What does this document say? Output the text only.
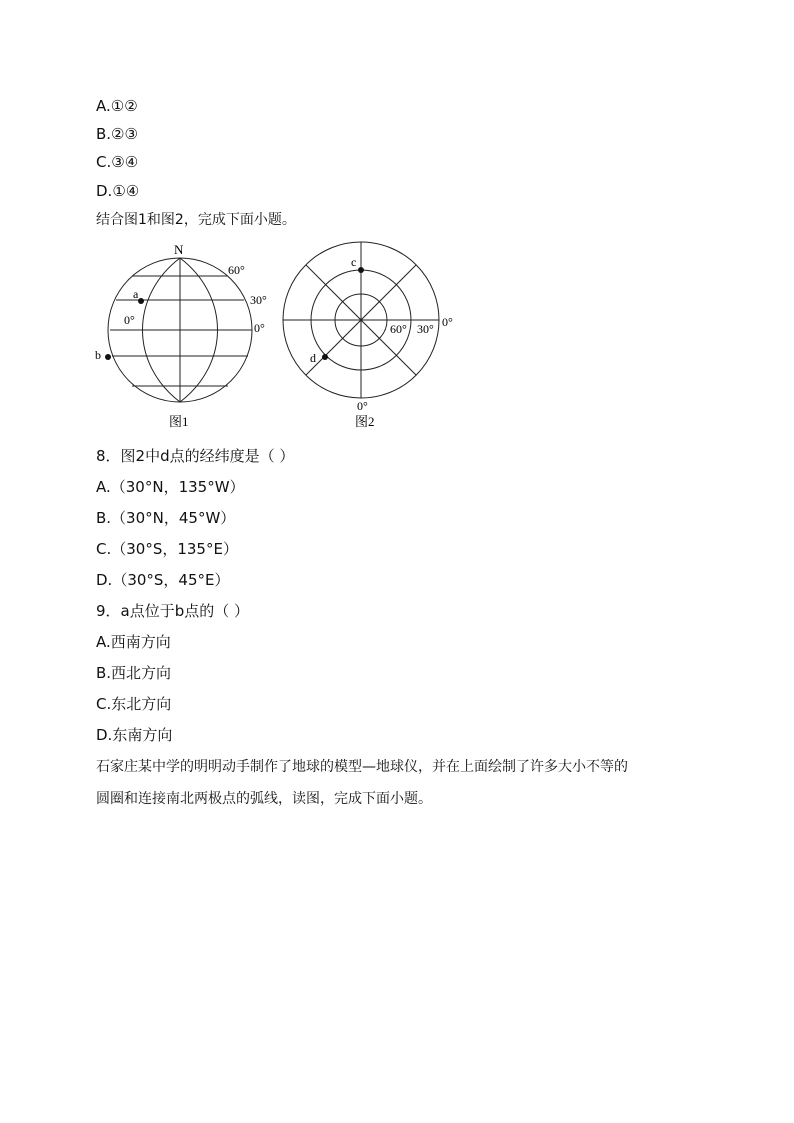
A.①②
B.②③
C.③④
D.①④
结合图1和图2，完成下面小题。
N
60°
30°
0°
0°
a
b
图1
c
d
60° 30° 0°
0°
图2
8．图2中d点的经纬度是（ ）
A.（30°N，135°W）
B.（30°N，45°W）
C.（30°S，135°E）
D.（30°S，45°E）
9．a点位于b点的（ ）
A.西南方向
B.西北方向
C.东北方向
D.东南方向
石家庄某中学的明明动手制作了地球的模型—地球仪，并在上面绘制了许多大小不等的
圆圈和连接南北两极点的弧线，读图，完成下面小题。
